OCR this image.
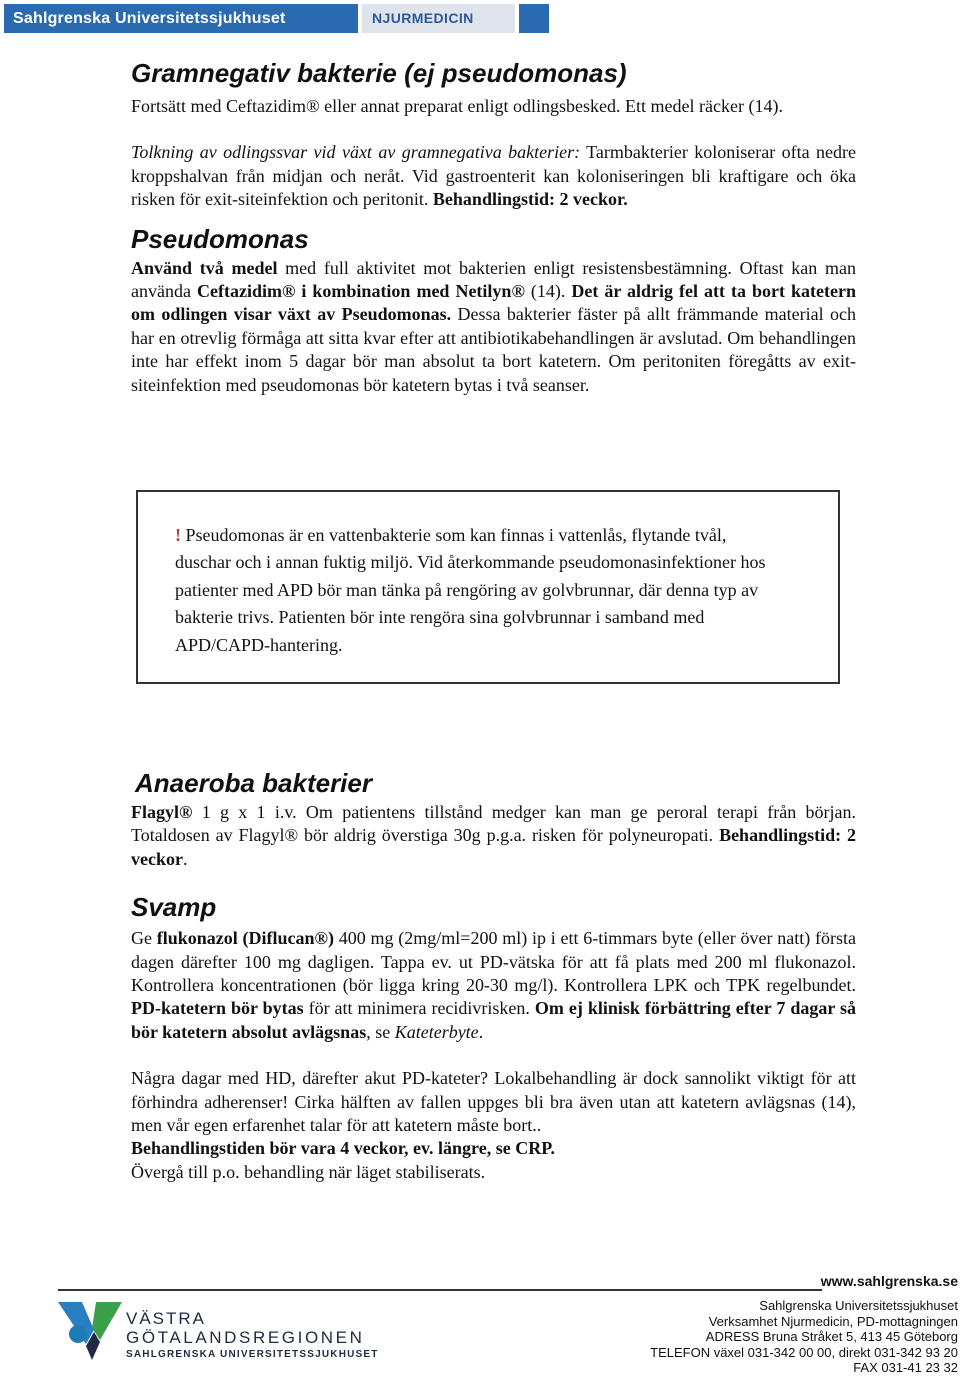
Sahlgrenska Universitetssjukhuset	NJURMEDICIN
Gramnegativ bakterie (ej pseudomonas)

Fortsätt med Ceftazidim® eller annat preparat enligt odlingsbesked. Ett medel räcker (14).

Tolkning av odlingssvar vid växt av gramnegativa bakterier: Tarmbakterier koloniserar ofta nedre kroppshalvan från midjan och neråt. Vid gastroenterit kan koloniseringen bli kraftigare och öka risken för exit-siteinfektion och peritonit. Behandlingstid: 2 veckor.

Pseudomonas

Använd två medel med full aktivitet mot bakterien enligt resistensbestämning. Oftast kan man använda Ceftazidim® i kombination med Netilyn® (14). Det är aldrig fel att ta bort katetern om odlingen visar växt av Pseudomonas. Dessa bakterier fäster på allt främmande material och har en otrevlig förmåga att sitta kvar efter att antibiotikabehandlingen är avslutad. Om behandlingen inte har effekt inom 5 dagar bör man absolut ta bort katetern. Om peritoniten föregåtts av exit-siteinfektion med pseudomonas bör katetern bytas i två seanser.

! Pseudomonas är en vattenbakterie som kan finnas i vattenlås, flytande tvål, duschar och i annan fuktig miljö. Vid återkommande pseudomonasinfektioner hos patienter med APD bör man tänka på rengöring av golvbrunnar, där denna typ av bakterie trivs. Patienten bör inte rengöra sina golvbrunnar i samband med APD/CAPD-hantering.

Anaeroba bakterier

Flagyl® 1 g x 1 i.v. Om patientens tillstånd medger kan man ge peroral terapi från början. Totaldosen av Flagyl® bör aldrig överstiga 30g p.g.a. risken för polyneuropati. Behandlingstid: 2 veckor.

Svamp

Ge flukonazol (Diflucan®) 400 mg (2mg/ml=200 ml) ip i ett 6-timmars byte (eller över natt) första dagen därefter 100 mg dagligen. Tappa ev. ut PD-vätska för att få plats med 200 ml flukonazol. Kontrollera koncentrationen (bör ligga kring 20-30 mg/l). Kontrollera LPK och TPK regelbundet. PD-katetern bör bytas för att minimera recidivrisken. Om ej klinisk förbättring efter 7 dagar så bör katetern absolut avlägsnas, se Kateterbyte.

Några dagar med HD, därefter akut PD-kateter? Lokalbehandling är dock sannolikt viktigt för att förhindra adherenser! Cirka hälften av fallen uppges bli bra även utan att katetern avlägsnas (14), men vår egen erfarenhet talar för att katetern måste bort..
Behandlingstiden bör vara 4 veckor, ev. längre, se CRP.
Övergå till p.o. behandling när läget stabiliserats.

www.sahlgrenska.se
VÄSTRA
GÖTALANDSREGIONEN
SAHLGRENSKA UNIVERSITETSSJUKHUSET
Sahlgrenska Universitetssjukhuset
Verksamhet Njurmedicin, PD-mottagningen
ADRESS Bruna Stråket 5, 413 45 Göteborg
TELEFON växel 031-342 00 00, direkt 031-342 93 20
FAX 031-41 23 32
